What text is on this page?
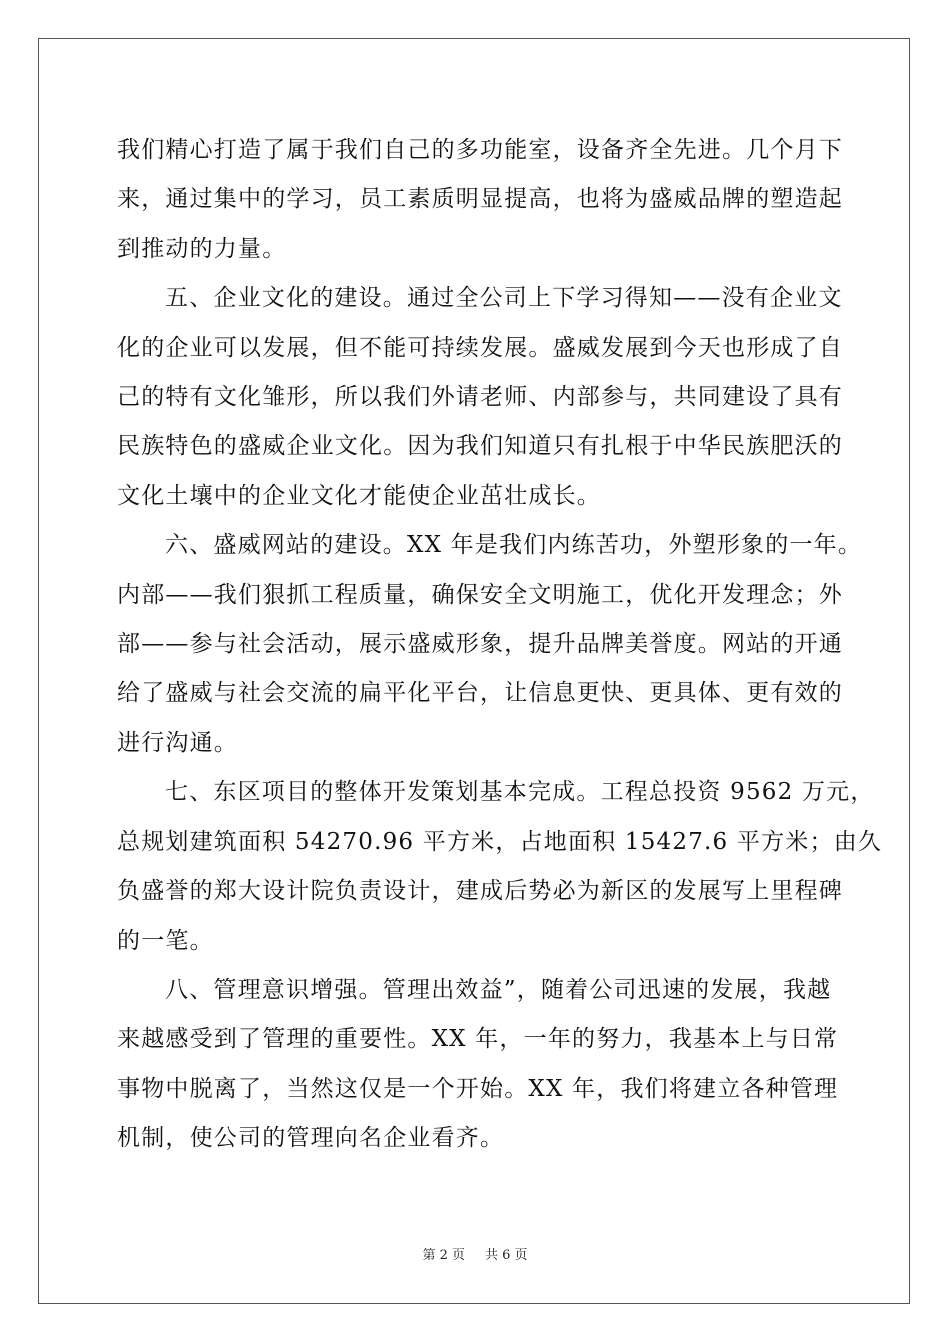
我们精心打造了属于我们自己的多功能室，设备齐全先进。几个月下
来，通过集中的学习，员工素质明显提高，也将为盛威品牌的塑造起
到推动的力量。

五、企业文化的建设。通过全公司上下学习得知——没有企业文
化的企业可以发展，但不能可持续发展。盛威发展到今天也形成了自
己的特有文化雏形，所以我们外请老师、内部参与，共同建设了具有
民族特色的盛威企业文化。因为我们知道只有扎根于中华民族肥沃的
文化土壤中的企业文化才能使企业茁壮成长。

六、盛威网站的建设。XX 年是我们内练苦功，外塑形象的一年。
内部——我们狠抓工程质量，确保安全文明施工，优化开发理念；外
部——参与社会活动，展示盛威形象，提升品牌美誉度。网站的开通
给了盛威与社会交流的扁平化平台，让信息更快、更具体、更有效的
进行沟通。

七、东区项目的整体开发策划基本完成。工程总投资 9562 万元，
总规划建筑面积 54270.96 平方米，占地面积 15427.6 平方米；由久
负盛誉的郑大设计院负责设计，建成后势必为新区的发展写上里程碑
的一笔。

八、管理意识增强。管理出效益”，随着公司迅速的发展，我越
来越感受到了管理的重要性。XX 年，一年的努力，我基本上与日常
事物中脱离了，当然这仅是一个开始。XX 年，我们将建立各种管理
机制，使公司的管理向名企业看齐。

第 2 页 共 6 页
